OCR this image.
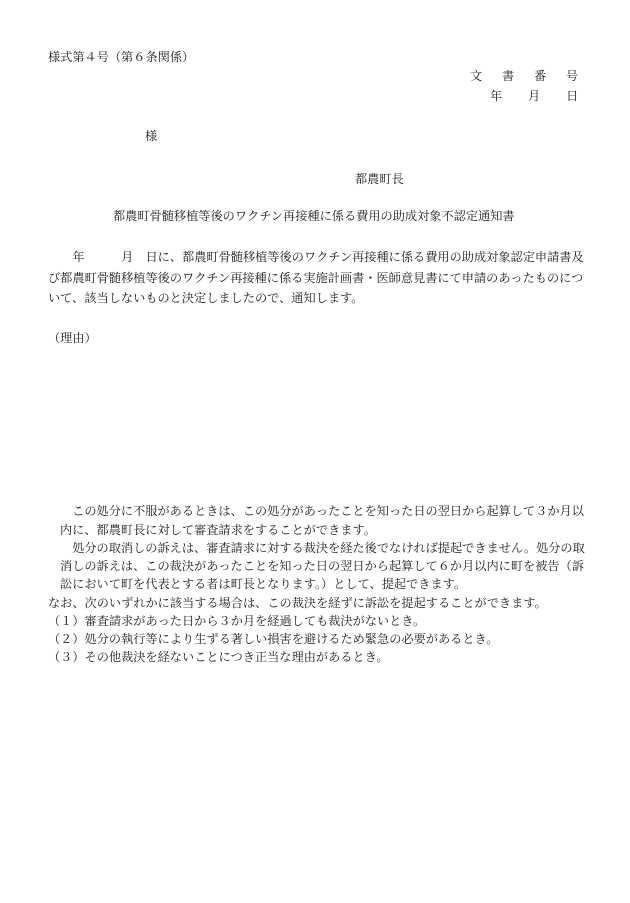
様式第４号（第６条関係）
文　書　番　号
年　　月　　日
様
都農町長
都農町骨髄移植等後のワクチン再接種に係る費用の助成対象不認定通知書
　　年　　　月　日に、都農町骨髄移植等後のワクチン再接種に係る費用の助成対象認定申請書及
び都農町骨髄移植等後のワクチン再接種に係る実施計画書・医師意見書にて申請のあったものにつ
いて、該当しないものと決定しましたので、通知します。
（理由）
　この処分に不服があるときは、この処分があったことを知った日の翌日から起算して３か月以
内に、都農町長に対して審査請求をすることができます。
　処分の取消しの訴えは、審査請求に対する裁決を経た後でなければ提起できません。処分の取
消しの訴えは、この裁決があったことを知った日の翌日から起算して６か月以内に町を被告（訴
訟において町を代表とする者は町長となります。）として、提起できます。
なお、次のいずれかに該当する場合は、この裁決を経ずに訴訟を提起することができます。
（１）審査請求があった日から３か月を経過しても裁決がないとき。
（２）処分の執行等により生ずる著しい損害を避けるため緊急の必要があるとき。
（３）その他裁決を経ないことにつき正当な理由があるとき。
